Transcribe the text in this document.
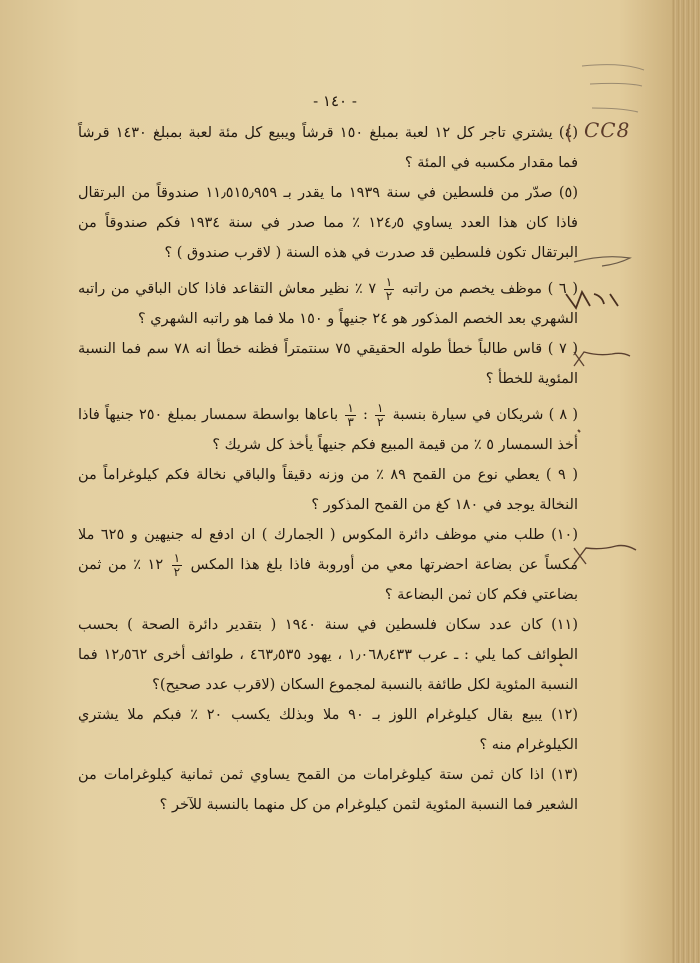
- ١٤٠ -

(٤) يشتري تاجر كل ١٢ لعبة بمبلغ ١٥٠ قرشاً ويبيع كل مئة لعبة بمبلغ ١٤٣٠ قرشاً فما مقدار مكسبه في المئة ؟

(٥) صدّر من فلسطين في سنة ١٩٣٩ ما يقدر بـ ١١٫٥١٥٫٩٥٩ صندوقاً من البرتقال فاذا كان هذا العدد يساوي ١٢٤٫٥ ٪ مما صدر في سنة ١٩٣٤ فكم صندوقاً من البرتقال تكون فلسطين قد صدرت في هذه السنة ( لاقرب صندوق ) ؟

( ٦ ) موظف يخصم من راتبه
$\frac{١}{٢}$
٧ ٪ نظير معاش التقاعد فاذا كان الباقي من راتبه الشهري بعد الخصم المذكور هو ٢٤ جنيهاً و ١٥٠ ملا فما هو راتبه الشهري ؟

( ٧ ) قاس طالباً خطأ طوله الحقيقي ٧٥ سنتمتراً فظنه خطأ انه ٧٨ سم فما النسبة المئوية للخطأ ؟

( ٨ ) شريكان في سيارة بنسبة
$\frac{١}{٢}$
:
$\frac{١}{٣}$
باعاها بواسطة سمسار بمبلغ ٢٥٠ جنيهاً فاذا أخذ السمسار ٥ ٪ من قيمة المبيع فكم جنيهاً يأخذ كل شريك ؟

( ٩ ) يعطي نوع من القمح ٨٩ ٪ من وزنه دقيقاً والباقي نخالة فكم كيلوغراماً من النخالة يوجد في ١٨٠ كغ من القمح المذكور ؟

(١٠) طلب مني موظف دائرة المكوس ( الجمارك ) ان ادفع له جنيهين و ٦٢٥ ملا مكساً عن بضاعة احضرتها معي من أوروبة فاذا بلغ هذا المكس
$\frac{١}{٢}$
١٢ ٪ من ثمن بضاعتي فكم كان ثمن البضاعة ؟

(١١) كان عدد سكان فلسطين في سنة ١٩٤٠ ( بتقدير دائرة الصحة ) بحسب الطوائف كما يلي : ـ عرب ١٫٠٦٨٫٤٣٣ ، يهود ٤٦٣٫٥٣٥ ، طوائف أخرى ١٢٫٥٦٢ فما النسبة المئوية لكل طائفة بالنسبة لمجموع السكان (لاقرب عدد صحيح)؟

(١٢) يبيع بقال كيلوغرام اللوز بـ ٩٠ ملا وبذلك يكسب ٢٠ ٪ فبكم ملا يشتري الكيلوغرام منه ؟

(١٣) اذا كان ثمن ستة كيلوغرامات من القمح يساوي ثمن ثمانية كيلوغرامات من الشعير فما النسبة المئوية لثمن كيلوغرام من كل منهما بالنسبة للآخر ؟

CC8
